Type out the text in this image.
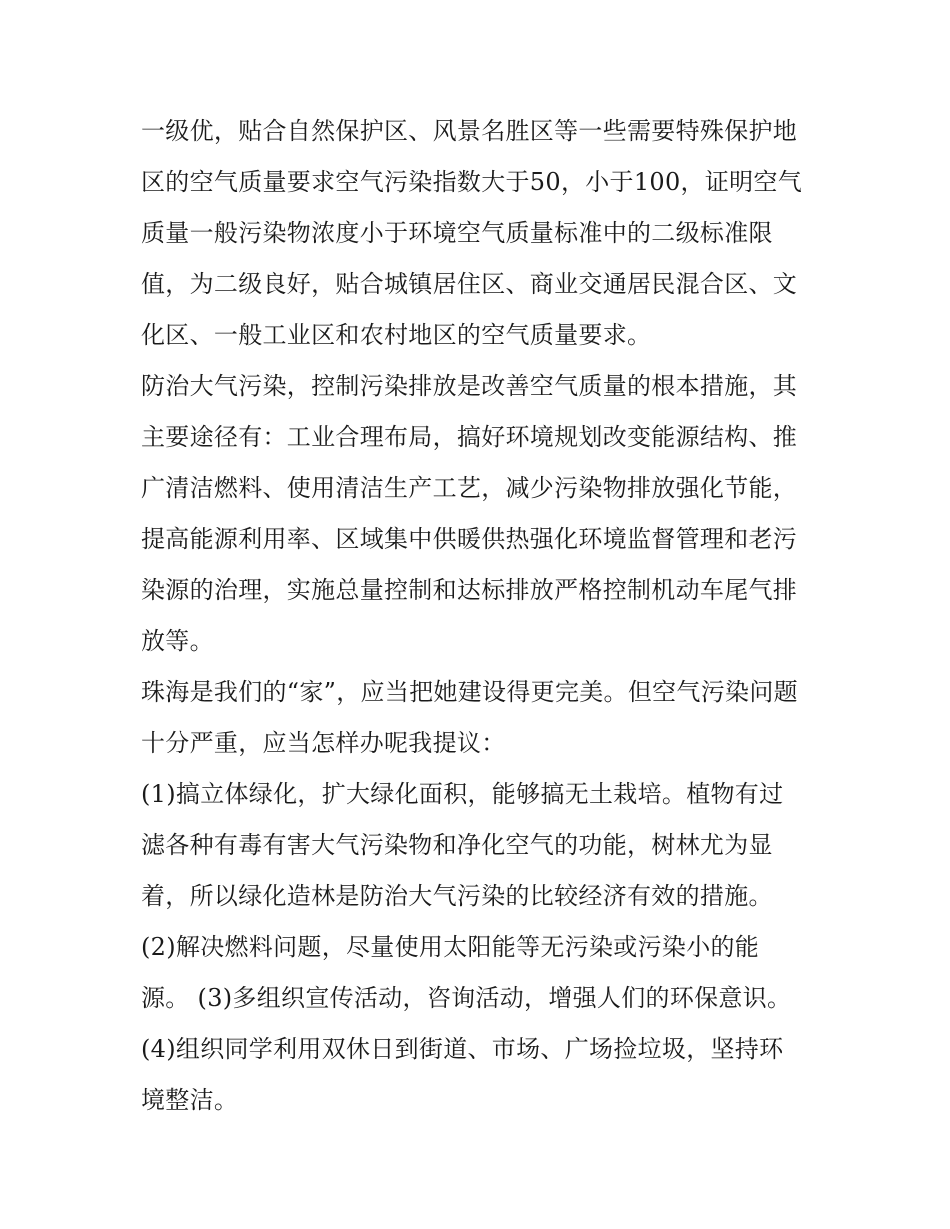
一级优，贴合自然保护区、风景名胜区等一些需要特殊保护地
区的空气质量要求空气污染指数大于50，小于100，证明空气
质量一般污染物浓度小于环境空气质量标准中的二级标准限
值，为二级良好，贴合城镇居住区、商业交通居民混合区、文
化区、一般工业区和农村地区的空气质量要求。
防治大气污染，控制污染排放是改善空气质量的根本措施，其
主要途径有：工业合理布局，搞好环境规划改变能源结构、推
广清洁燃料、使用清洁生产工艺，减少污染物排放强化节能，
提高能源利用率、区域集中供暖供热强化环境监督管理和老污
染源的治理，实施总量控制和达标排放严格控制机动车尾气排
放等。
珠海是我们的“家”，应当把她建设得更完美。但空气污染问题
十分严重，应当怎样办呢我提议：
(1)搞立体绿化，扩大绿化面积，能够搞无土栽培。植物有过
滤各种有毒有害大气污染物和净化空气的功能，树林尤为显
着，所以绿化造林是防治大气污染的比较经济有效的措施。
(2)解决燃料问题，尽量使用太阳能等无污染或污染小的能
源。 (3)多组织宣传活动，咨询活动，增强人们的环保意识。
(4)组织同学利用双休日到街道、市场、广场捡垃圾，坚持环
境整洁。
